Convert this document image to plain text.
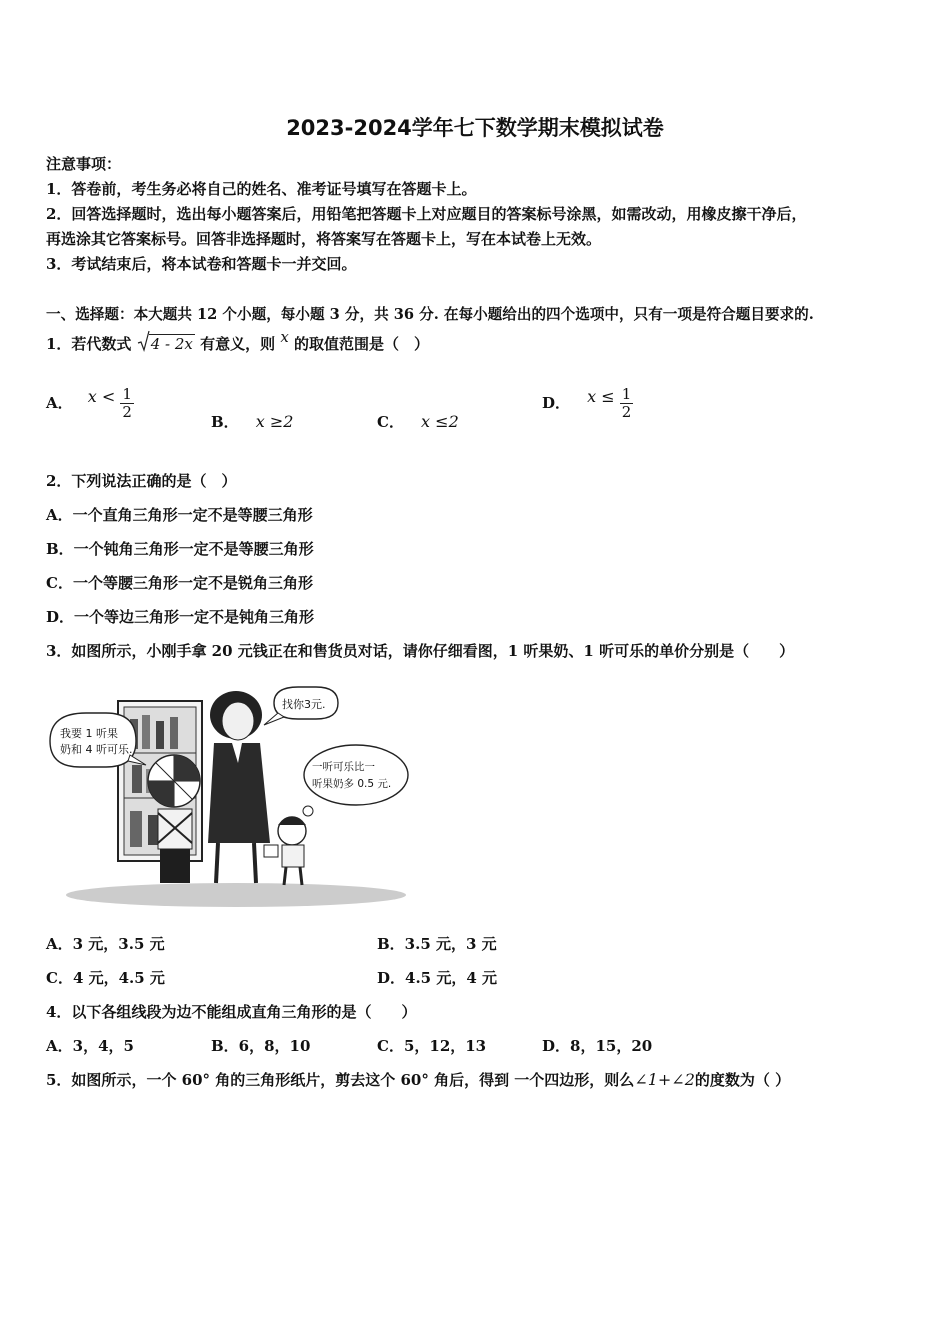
2023-2024学年七下数学期末模拟试卷
注意事项：
1．答卷前，考生务必将自己的姓名、准考证号填写在答题卡上。
2．回答选择题时，选出每小题答案后，用铅笔把答题卡上对应题目的答案标号涂黑，如需改动，用橡皮擦干净后，
再选涂其它答案标号。回答非选择题时，将答案写在答题卡上，写在本试卷上无效。
3．考试结束后，将本试卷和答题卡一并交回。
一、选择题：本大题共 12 个小题，每小题 3 分，共 36 分. 在每小题给出的四个选项中，只有一项是符合题目要求的.
1．若代数式 4 - 2x 有意义，则 x 的取值范围是（　）
A． $x < \frac{1}{2}$
B． x ≥2	C． x ≤2
D． $x \le \frac{1}{2}$
2．下列说法正确的是（　）
A．一个直角三角形一定不是等腰三角形
B．一个钝角三角形一定不是等腰三角形
C．一个等腰三角形一定不是锐角三角形
D．一个等边三角形一定不是钝角三角形
3．如图所示，小刚手拿 20 元钱正在和售货员对话，请你仔细看图，1 听果奶、1 听可乐的单价分别是（　　）
我要 1 听果
奶和 4 听可乐.
找你3元.
一听可乐比一
听果奶多 0.5 元.
A．3 元，3.5 元	B．3.5 元，3 元
C．4 元，4.5 元	D．4.5 元，4 元
4．以下各组线段为边不能组成直角三角形的是（　　）
A．3，4，5	B．6，8，10	C．5，12，13	D．8，15，20
5．如图所示，一个 60° 角的三角形纸片，剪去这个 60° 角后，得到 一个四边形，则么∠1+∠2的度数为（ ）
